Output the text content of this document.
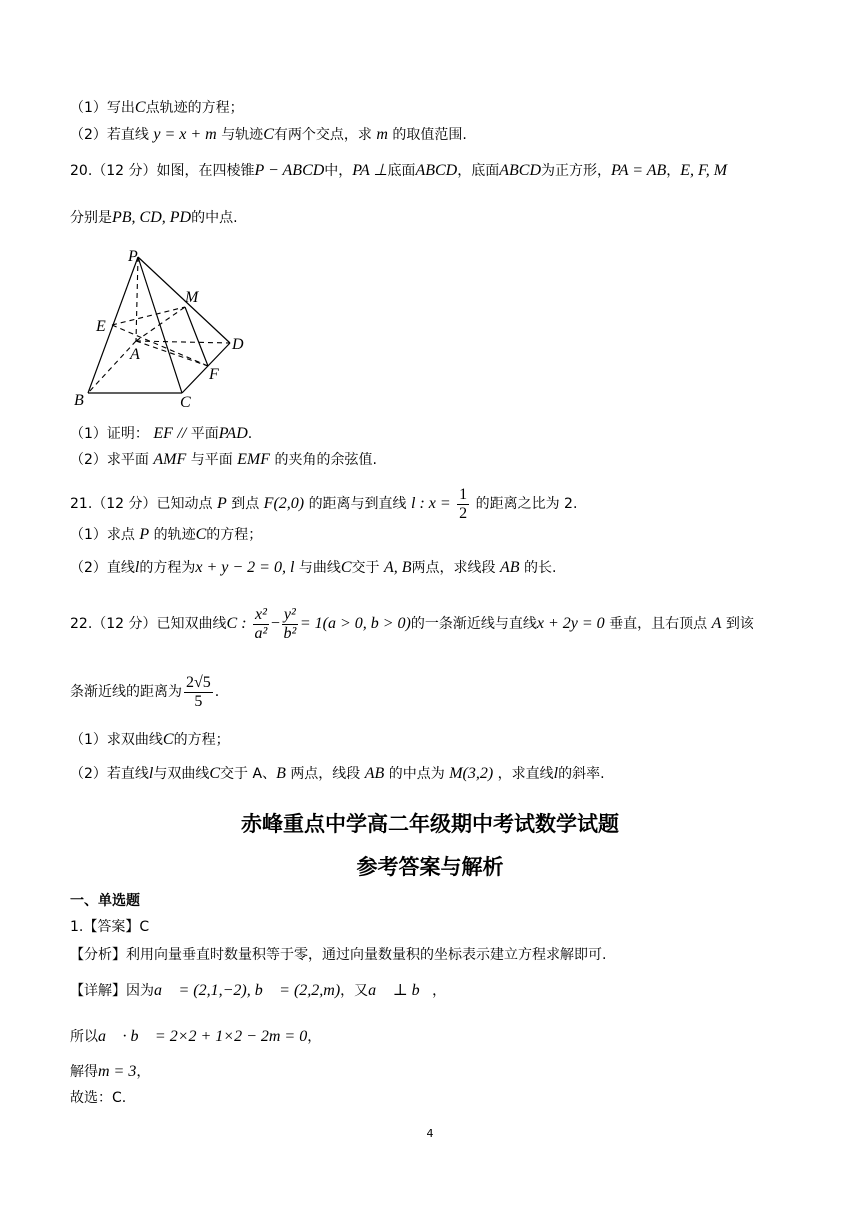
（1）写出C点轨迹的方程；
（2）若直线 y = x + m 与轨迹C有两个交点，求 m 的取值范围.
20.（12 分）如图，在四棱锥P − ABCD中，PA ⊥底面ABCD，底面ABCD为正方形，PA = AB，E, F, M
分别是PB, CD, PD的中点.
P
M
E
A
D
F
B	C
（1）证明： EF // 平面PAD.
（2）求平面 AMF 与平面 EMF 的夹角的余弦值.
21.（12 分）已知动点 P 到点 F(2,0) 的距离与到直线 l : $x = \frac{1}{2}$ 的距离之比为 2.
（1）求点 P 的轨迹C的方程；
（2）直线l的方程为x + y − 2 = 0, l 与曲线C交于 A, B两点，求线段 AB 的长.
22.（12 分）已知双曲线C : $\frac{\text{x²}}{\text{a²}} - \frac{\text{y²}}{\text{b²}} = 1(a > 0$, b > 0)的一条渐近线与直线x + 2y = 0 垂直，且右顶点 A 到该
条渐近线的距离为 $\frac{2√5}{5}$ .
（1）求双曲线C的方程；
（2）若直线l与双曲线C交于 A、B 两点，线段 AB 的中点为 M(3,2) ，求直线l的斜率.
赤峰重点中学高二年级期中考试数学试题
参考答案与解析
一、单选题
1.【答案】C
【分析】利用向量垂直时数量积等于零，通过向量数量积的坐标表示建立方程求解即可.
【详解】因为a⃗ = (2,1,−2), b⃗ = (2,2,m)，又a⃗ ⊥ b⃗，
所以a⃗ · b⃗ = 2×2 + 1×2 − 2m = 0，
解得m = 3，
故选：C.
4
